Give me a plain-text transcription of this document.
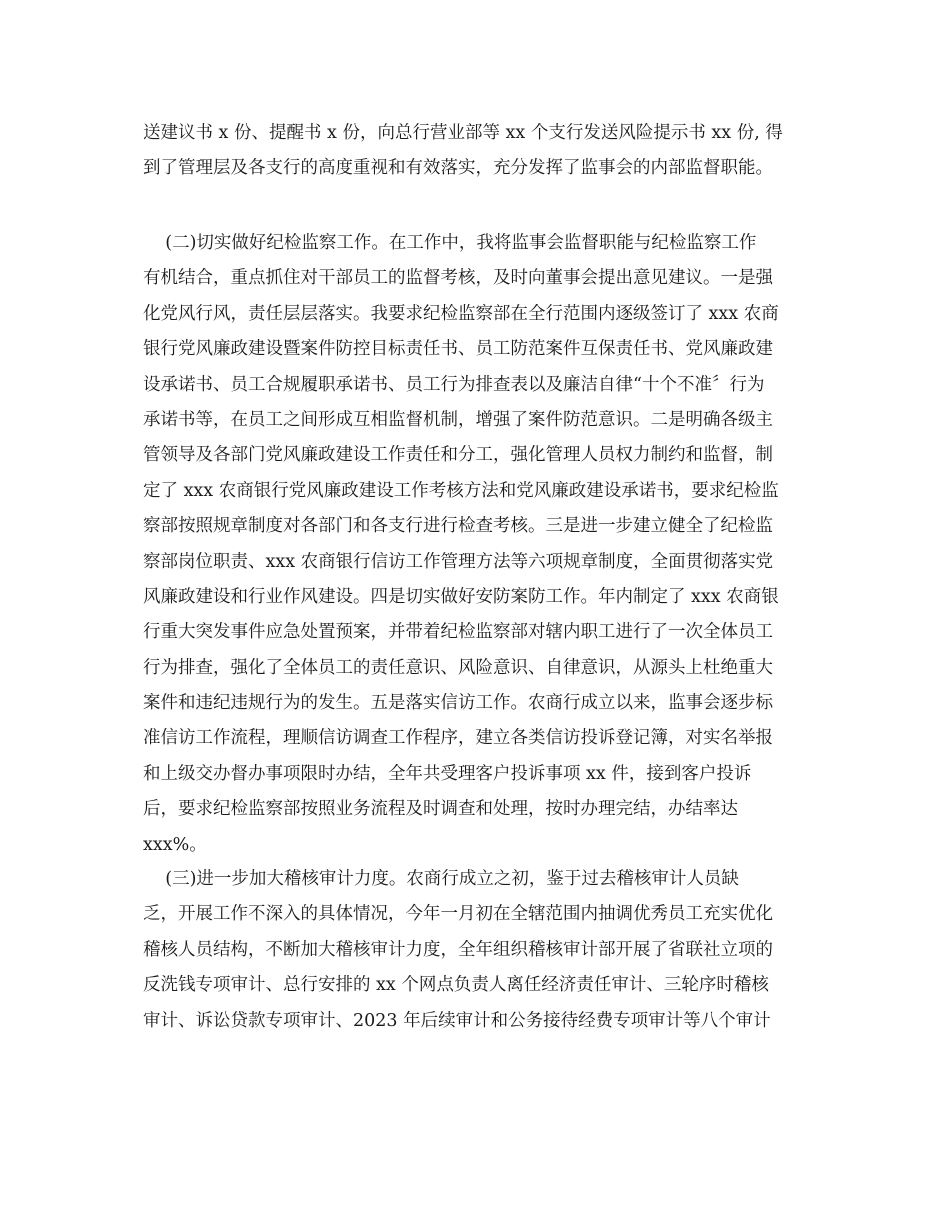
送建议书 x 份、提醒书 x 份，向总行营业部等 xx 个支行发送风险提示书 xx 份, 得
到了管理层及各支行的高度重视和有效落实，充分发挥了监事会的内部监督职能。
(二)切实做好纪检监察工作。在工作中，我将监事会监督职能与纪检监察工作
有机结合，重点抓住对干部员工的监督考核，及时向董事会提出意见建议。一是强
化党风行风，责任层层落实。我要求纪检监察部在全行范围内逐级签订了 xxx 农商
银行党风廉政建设暨案件防控目标责任书、员工防范案件互保责任书、党风廉政建
设承诺书、员工合规履职承诺书、员工行为排查表以及廉洁自律“十个不准〞行为
承诺书等，在员工之间形成互相监督机制，增强了案件防范意识。二是明确各级主
管领导及各部门党风廉政建设工作责任和分工，强化管理人员权力制约和监督，制
定了 xxx 农商银行党风廉政建设工作考核方法和党风廉政建设承诺书，要求纪检监
察部按照规章制度对各部门和各支行进行检查考核。三是进一步建立健全了纪检监
察部岗位职责、xxx 农商银行信访工作管理方法等六项规章制度，全面贯彻落实党
风廉政建设和行业作风建设。四是切实做好安防案防工作。年内制定了 xxx 农商银
行重大突发事件应急处置预案，并带着纪检监察部对辖内职工进行了一次全体员工
行为排查，强化了全体员工的责任意识、风险意识、自律意识，从源头上杜绝重大
案件和违纪违规行为的发生。五是落实信访工作。农商行成立以来，监事会逐步标
准信访工作流程，理顺信访调查工作程序，建立各类信访投诉登记簿，对实名举报
和上级交办督办事项限时办结，全年共受理客户投诉事项 xx 件，接到客户投诉
后，要求纪检监察部按照业务流程及时调查和处理，按时办理完结，办结率达
xxx%。
(三)进一步加大稽核审计力度。农商行成立之初，鉴于过去稽核审计人员缺
乏，开展工作不深入的具体情况，今年一月初在全辖范围内抽调优秀员工充实优化
稽核人员结构，不断加大稽核审计力度，全年组织稽核审计部开展了省联社立项的
反洗钱专项审计、总行安排的 xx 个网点负责人离任经济责任审计、三轮序时稽核
审计、诉讼贷款专项审计、2023 年后续审计和公务接待经费专项审计等八个审计
